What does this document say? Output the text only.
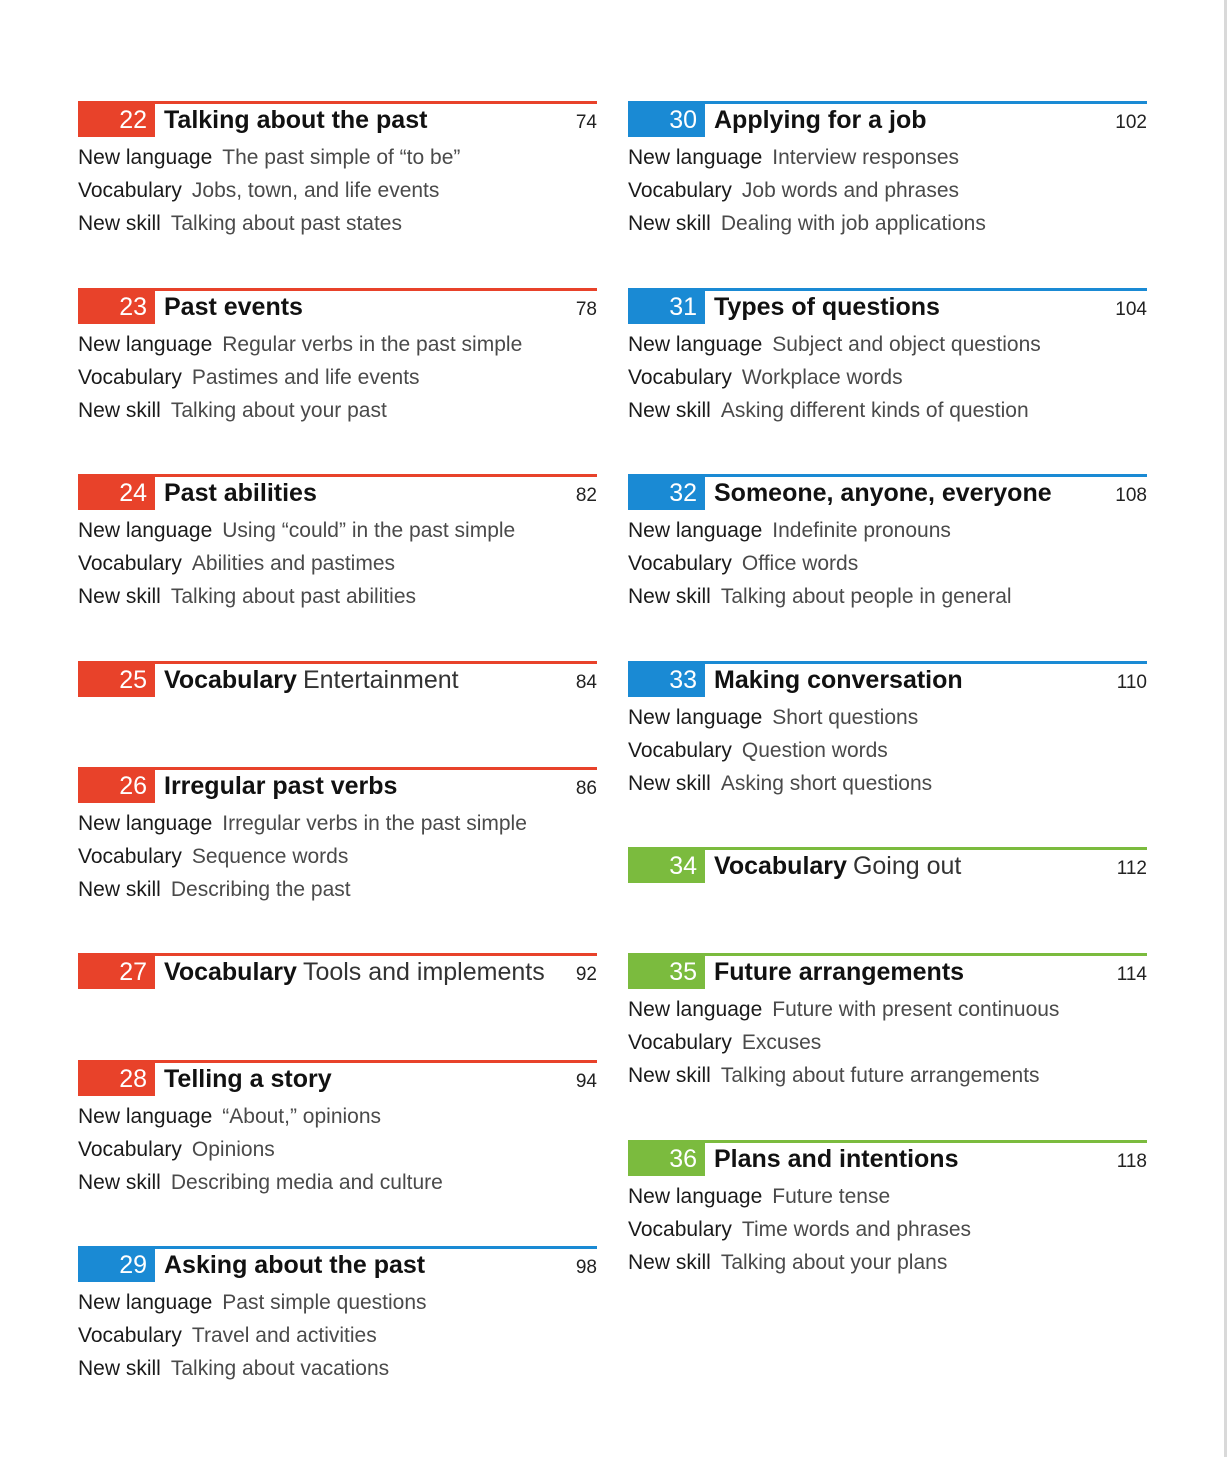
22 Talking about the past	74
New language The past simple of “to be”
Vocabulary Jobs, town, and life events
New skill Talking about past states
23 Past events	78
New language Regular verbs in the past simple
Vocabulary Pastimes and life events
New skill Talking about your past
24 Past abilities	82
New language Using “could” in the past simple
Vocabulary Abilities and pastimes
New skill Talking about past abilities
25 Vocabulary Entertainment	84
26 Irregular past verbs	86
New language Irregular verbs in the past simple
Vocabulary Sequence words
New skill Describing the past
27 Vocabulary Tools and implements 92
28 Telling a story	94
New language “About,” opinions
Vocabulary Opinions
New skill Describing media and culture
29 Asking about the past	98
New language Past simple questions
Vocabulary Travel and activities
New skill Talking about vacations
30 Applying for a job	102
New language Interview responses
Vocabulary Job words and phrases
New skill Dealing with job applications
31 Types of questions	104
New language Subject and object questions
Vocabulary Workplace words
New skill Asking different kinds of question
32 Someone, anyone, everyone	108
New language Indefinite pronouns
Vocabulary Office words
New skill Talking about people in general
33 Making conversation	110
New language Short questions
Vocabulary Question words
New skill Asking short questions
34 Vocabulary Going out	112
35 Future arrangements	114
New language Future with present continuous
Vocabulary Excuses
New skill Talking about future arrangements
36 Plans and intentions	118
New language Future tense
Vocabulary Time words and phrases
New skill Talking about your plans
